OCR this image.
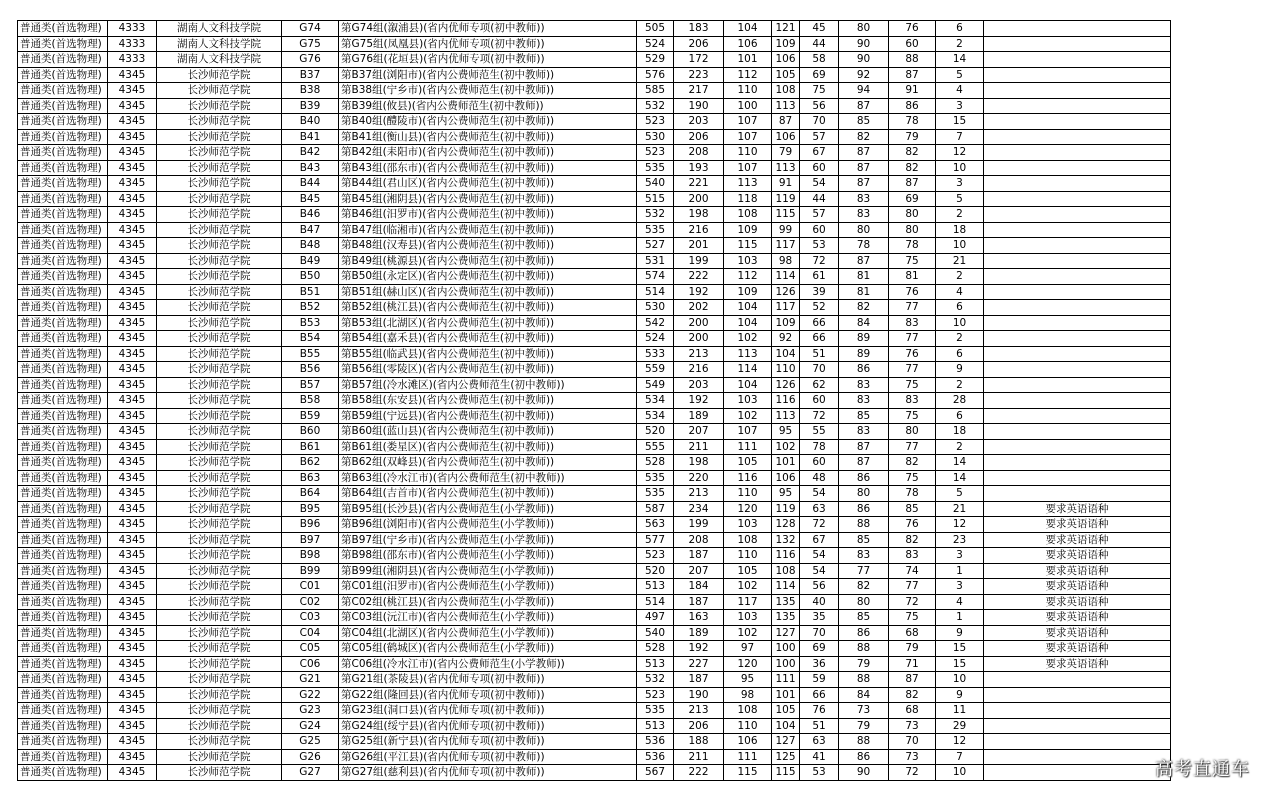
普通类(首选物理)	4333	湖南人文科技学院	G74	第G74组(溆浦县)(省内优师专项(初中教师))	505	183	104	121	45	80	76	6	
普通类(首选物理)	4333	湖南人文科技学院	G75	第G75组(凤凰县)(省内优师专项(初中教师))	524	206	106	109	44	90	60	2	
普通类(首选物理)	4333	湖南人文科技学院	G76	第G76组(花垣县)(省内优师专项(初中教师))	529	172	101	106	58	90	88	14	
普通类(首选物理)	4345	长沙师范学院	B37	第B37组(浏阳市)(省内公费师范生(初中教师))	576	223	112	105	69	92	87	5	
普通类(首选物理)	4345	长沙师范学院	B38	第B38组(宁乡市)(省内公费师范生(初中教师))	585	217	110	108	75	94	91	4	
普通类(首选物理)	4345	长沙师范学院	B39	第B39组(攸县)(省内公费师范生(初中教师))	532	190	100	113	56	87	86	3	
普通类(首选物理)	4345	长沙师范学院	B40	第B40组(醴陵市)(省内公费师范生(初中教师))	523	203	107	87	70	85	78	15	
普通类(首选物理)	4345	长沙师范学院	B41	第B41组(衡山县)(省内公费师范生(初中教师))	530	206	107	106	57	82	79	7	
普通类(首选物理)	4345	长沙师范学院	B42	第B42组(耒阳市)(省内公费师范生(初中教师))	523	208	110	79	67	87	82	12	
普通类(首选物理)	4345	长沙师范学院	B43	第B43组(邵东市)(省内公费师范生(初中教师))	535	193	107	113	60	87	82	10	
普通类(首选物理)	4345	长沙师范学院	B44	第B44组(君山区)(省内公费师范生(初中教师))	540	221	113	91	54	87	87	3	
普通类(首选物理)	4345	长沙师范学院	B45	第B45组(湘阴县)(省内公费师范生(初中教师))	515	200	118	119	44	83	69	5	
普通类(首选物理)	4345	长沙师范学院	B46	第B46组(汨罗市)(省内公费师范生(初中教师))	532	198	108	115	57	83	80	2	
普通类(首选物理)	4345	长沙师范学院	B47	第B47组(临湘市)(省内公费师范生(初中教师))	535	216	109	99	60	80	80	18	
普通类(首选物理)	4345	长沙师范学院	B48	第B48组(汉寿县)(省内公费师范生(初中教师))	527	201	115	117	53	78	78	10	
普通类(首选物理)	4345	长沙师范学院	B49	第B49组(桃源县)(省内公费师范生(初中教师))	531	199	103	98	72	87	75	21	
普通类(首选物理)	4345	长沙师范学院	B50	第B50组(永定区)(省内公费师范生(初中教师))	574	222	112	114	61	81	81	2	
普通类(首选物理)	4345	长沙师范学院	B51	第B51组(赫山区)(省内公费师范生(初中教师))	514	192	109	126	39	81	76	4	
普通类(首选物理)	4345	长沙师范学院	B52	第B52组(桃江县)(省内公费师范生(初中教师))	530	202	104	117	52	82	77	6	
普通类(首选物理)	4345	长沙师范学院	B53	第B53组(北湖区)(省内公费师范生(初中教师))	542	200	104	109	66	84	83	10	
普通类(首选物理)	4345	长沙师范学院	B54	第B54组(嘉禾县)(省内公费师范生(初中教师))	524	200	102	92	66	89	77	2	
普通类(首选物理)	4345	长沙师范学院	B55	第B55组(临武县)(省内公费师范生(初中教师))	533	213	113	104	51	89	76	6	
普通类(首选物理)	4345	长沙师范学院	B56	第B56组(零陵区)(省内公费师范生(初中教师))	559	216	114	110	70	86	77	9	
普通类(首选物理)	4345	长沙师范学院	B57	第B57组(冷水滩区)(省内公费师范生(初中教师))	549	203	104	126	62	83	75	2	
普通类(首选物理)	4345	长沙师范学院	B58	第B58组(东安县)(省内公费师范生(初中教师))	534	192	103	116	60	83	83	28	
普通类(首选物理)	4345	长沙师范学院	B59	第B59组(宁远县)(省内公费师范生(初中教师))	534	189	102	113	72	85	75	6	
普通类(首选物理)	4345	长沙师范学院	B60	第B60组(蓝山县)(省内公费师范生(初中教师))	520	207	107	95	55	83	80	18	
普通类(首选物理)	4345	长沙师范学院	B61	第B61组(娄星区)(省内公费师范生(初中教师))	555	211	111	102	78	87	77	2	
普通类(首选物理)	4345	长沙师范学院	B62	第B62组(双峰县)(省内公费师范生(初中教师))	528	198	105	101	60	87	82	14	
普通类(首选物理)	4345	长沙师范学院	B63	第B63组(冷水江市)(省内公费师范生(初中教师))	535	220	116	106	48	86	75	14	
普通类(首选物理)	4345	长沙师范学院	B64	第B64组(吉首市)(省内公费师范生(初中教师))	535	213	110	95	54	80	78	5	
普通类(首选物理)	4345	长沙师范学院	B95	第B95组(长沙县)(省内公费师范生(小学教师))	587	234	120	119	63	86	85	21	要求英语语种
普通类(首选物理)	4345	长沙师范学院	B96	第B96组(浏阳市)(省内公费师范生(小学教师))	563	199	103	128	72	88	76	12	要求英语语种
普通类(首选物理)	4345	长沙师范学院	B97	第B97组(宁乡市)(省内公费师范生(小学教师))	577	208	108	132	67	85	82	23	要求英语语种
普通类(首选物理)	4345	长沙师范学院	B98	第B98组(邵东市)(省内公费师范生(小学教师))	523	187	110	116	54	83	83	3	要求英语语种
普通类(首选物理)	4345	长沙师范学院	B99	第B99组(湘阴县)(省内公费师范生(小学教师))	520	207	105	108	54	77	74	1	要求英语语种
普通类(首选物理)	4345	长沙师范学院	C01	第C01组(汨罗市)(省内公费师范生(小学教师))	513	184	102	114	56	82	77	3	要求英语语种
普通类(首选物理)	4345	长沙师范学院	C02	第C02组(桃江县)(省内公费师范生(小学教师))	514	187	117	135	40	80	72	4	要求英语语种
普通类(首选物理)	4345	长沙师范学院	C03	第C03组(沅江市)(省内公费师范生(小学教师))	497	163	103	135	35	85	75	1	要求英语语种
普通类(首选物理)	4345	长沙师范学院	C04	第C04组(北湖区)(省内公费师范生(小学教师))	540	189	102	127	70	86	68	9	要求英语语种
普通类(首选物理)	4345	长沙师范学院	C05	第C05组(鹤城区)(省内公费师范生(小学教师))	528	192	97	100	69	88	79	15	要求英语语种
普通类(首选物理)	4345	长沙师范学院	C06	第C06组(冷水江市)(省内公费师范生(小学教师))	513	227	120	100	36	79	71	15	要求英语语种
普通类(首选物理)	4345	长沙师范学院	G21	第G21组(茶陵县)(省内优师专项(初中教师))	532	187	95	111	59	88	87	10	
普通类(首选物理)	4345	长沙师范学院	G22	第G22组(隆回县)(省内优师专项(初中教师))	523	190	98	101	66	84	82	9	
普通类(首选物理)	4345	长沙师范学院	G23	第G23组(洞口县)(省内优师专项(初中教师))	535	213	108	105	76	73	68	11	
普通类(首选物理)	4345	长沙师范学院	G24	第G24组(绥宁县)(省内优师专项(初中教师))	513	206	110	104	51	79	73	29	
普通类(首选物理)	4345	长沙师范学院	G25	第G25组(新宁县)(省内优师专项(初中教师))	536	188	106	127	63	88	70	12	
普通类(首选物理)	4345	长沙师范学院	G26	第G26组(平江县)(省内优师专项(初中教师))	536	211	111	125	41	86	73	7	
普通类(首选物理)	4345	长沙师范学院	G27	第G27组(慈利县)(省内优师专项(初中教师))	567	222	115	115	53	90	72	10		高考直通车
